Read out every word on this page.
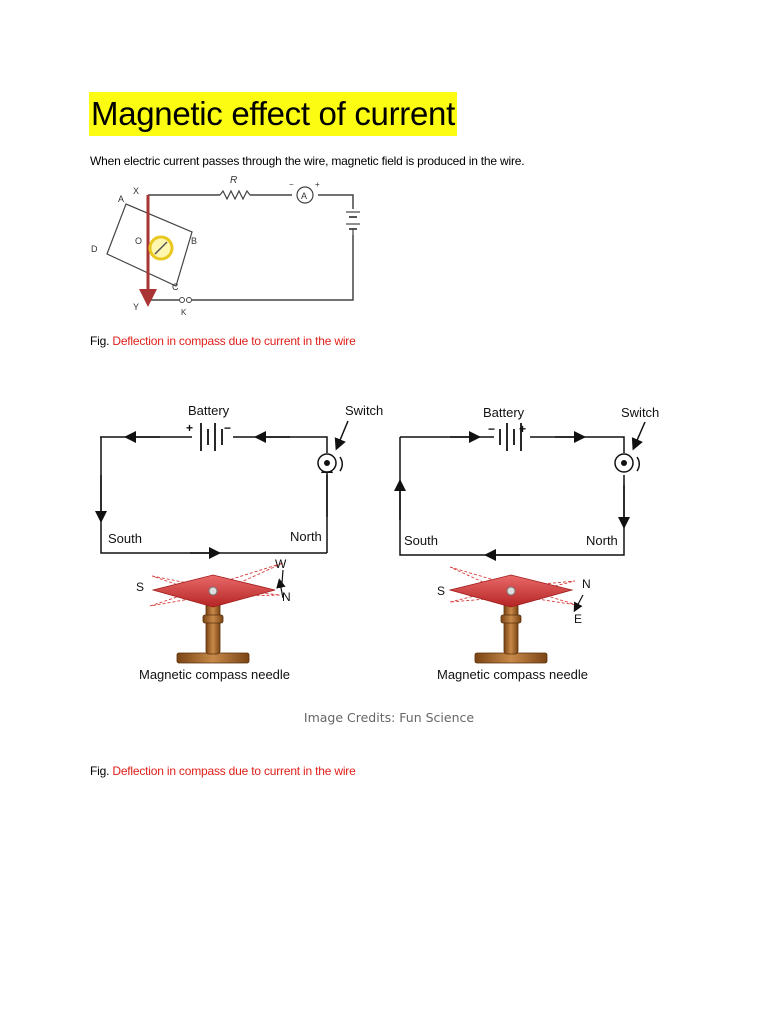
Magnetic effect of current

When electric current passes through the wire, magnetic field is produced in the wire.

R
A
−	+
K
A
B
C
D
O
X
Y

Fig. Deflection in compass due to current in the wire

Battery
+	−
Switch
South	North
S
W
N
Magnetic compass needle
Battery
− +
Switch
South	North
S	N
E
Magnetic compass needle
Image Credits: Fun Science

Fig. Deflection in compass due to current in the wire
